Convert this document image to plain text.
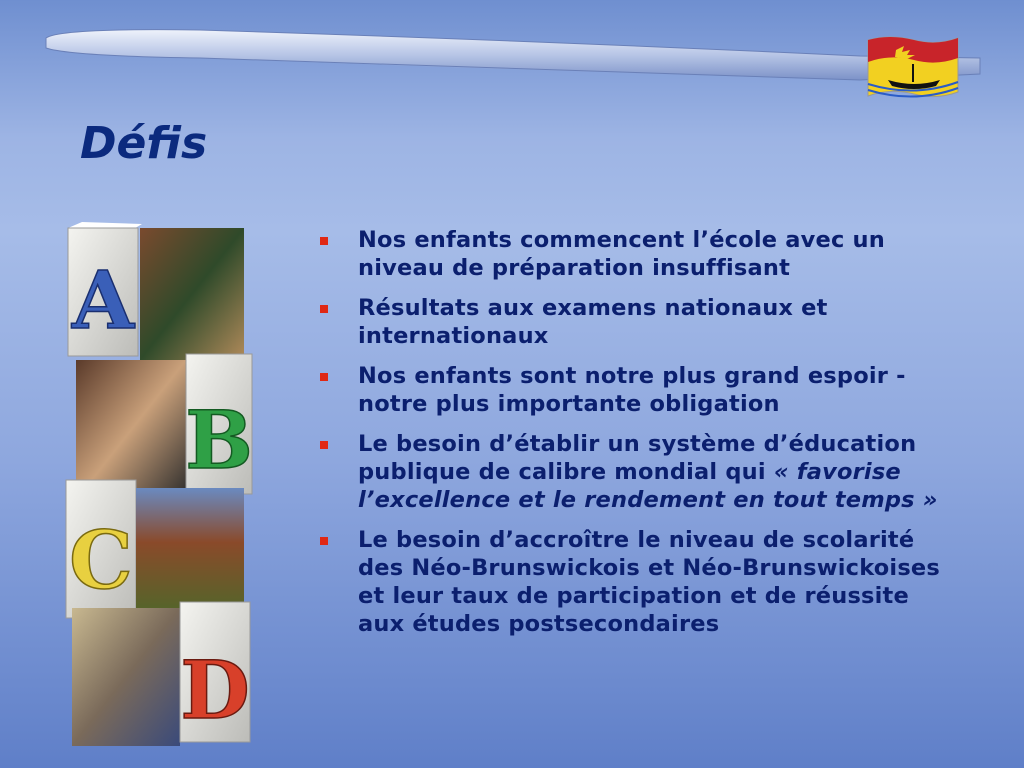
Défis
A
B
C
D
Nos enfants commencent l’école avec un niveau de préparation insuffisant
Résultats aux examens nationaux et internationaux
Nos enfants sont notre plus grand espoir - notre plus importante obligation
Le besoin d’établir un système d’éducation publique de calibre mondial qui « favorise l’excellence et le rendement en tout temps »
Le besoin d’accroître le niveau de scolarité des Néo-Brunswickois et Néo-Brunswickoises et leur taux de participation et de réussite aux études postsecondaires
